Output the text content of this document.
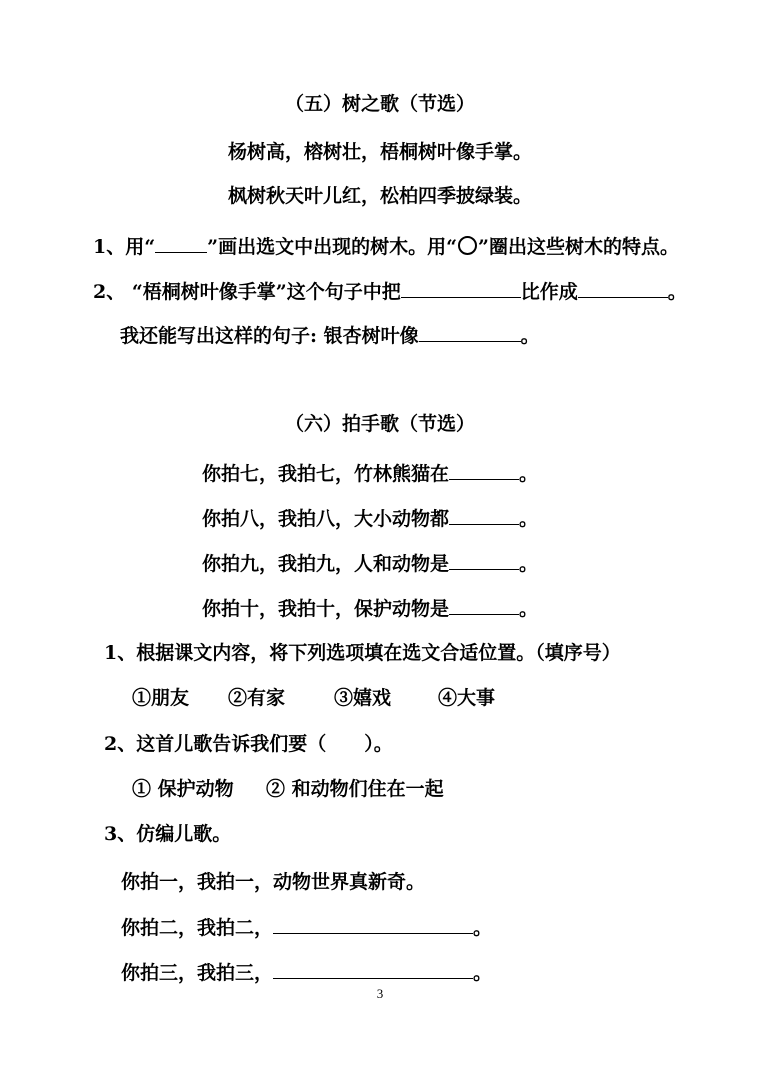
（五）树之歌（节选）
杨树高，榕树壮，梧桐树叶像手掌。
枫树秋天叶儿红，松柏四季披绿装。
1、用“	”画出选文中出现的树木。用“ ”圈出这些树木的特点。
2、 “梧桐树叶像手掌”这个句子中把	比作成	。
我还能写出这样的句子: 银杏树叶像	。
（六）拍手歌（节选）
你拍七，我拍七，竹林熊猫在	。
你拍八，我拍八，大小动物都	。
你拍九，我拍九，人和动物是	。
你拍十，我拍十，保护动物是	。
1、根据课文内容，将下列选项填在选文合适位置。（填序号）
①朋友 ②有家	③嬉戏 ④大事
2、这首儿歌告诉我们要（　　）。
① 保护动物 ② 和动物们住在一起
3、仿编儿歌。
你拍一，我拍一，动物世界真新奇。
你拍二，我拍二，	。
你拍三，我拍三，	。
3
